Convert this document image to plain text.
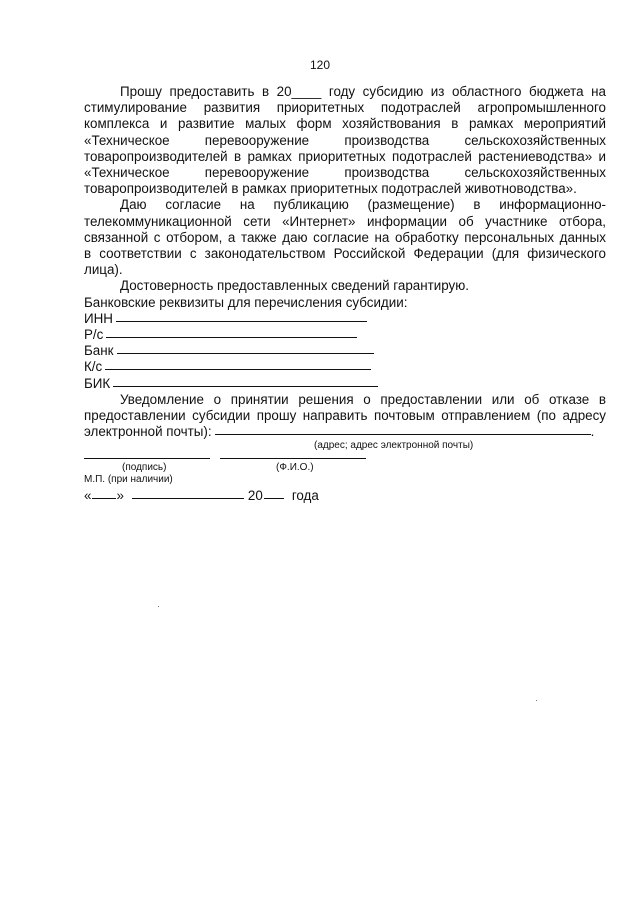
120

Прошу предоставить в 20____ году субсидию из областного бюджета на

стимулирование развития приоритетных подотраслей агропромышленного

комплекса и развитие малых форм хозяйствования в рамках мероприятий

«Техническое перевооружение производства сельскохозяйственных

товаропроизводителей в рамках приоритетных подотраслей растениеводства» и

«Техническое перевооружение производства сельскохозяйственных

товаропроизводителей в рамках приоритетных подотраслей животноводства».

Даю согласие на публикацию (размещение) в информационно-

телекоммуникационной сети «Интернет» информации об участнике отбора,

связанной с отбором, а также даю согласие на обработку персональных данных

в соответствии с законодательством Российской Федерации (для физического

лица).

Достоверность предоставленных сведений гарантирую.

Банковские реквизиты для перечисления субсидии:

ИНН
Р/с
Банк
К/с
БИК

Уведомление о принятии решения о предоставлении или об отказе в

предоставлении субсидии прошу направить почтовым отправлением (по адресу

электронной почты):	.

(адрес; адрес электронной почты)

(подпись)	(Ф.И.О.)
М.П. (при наличии)
« »	20 года
